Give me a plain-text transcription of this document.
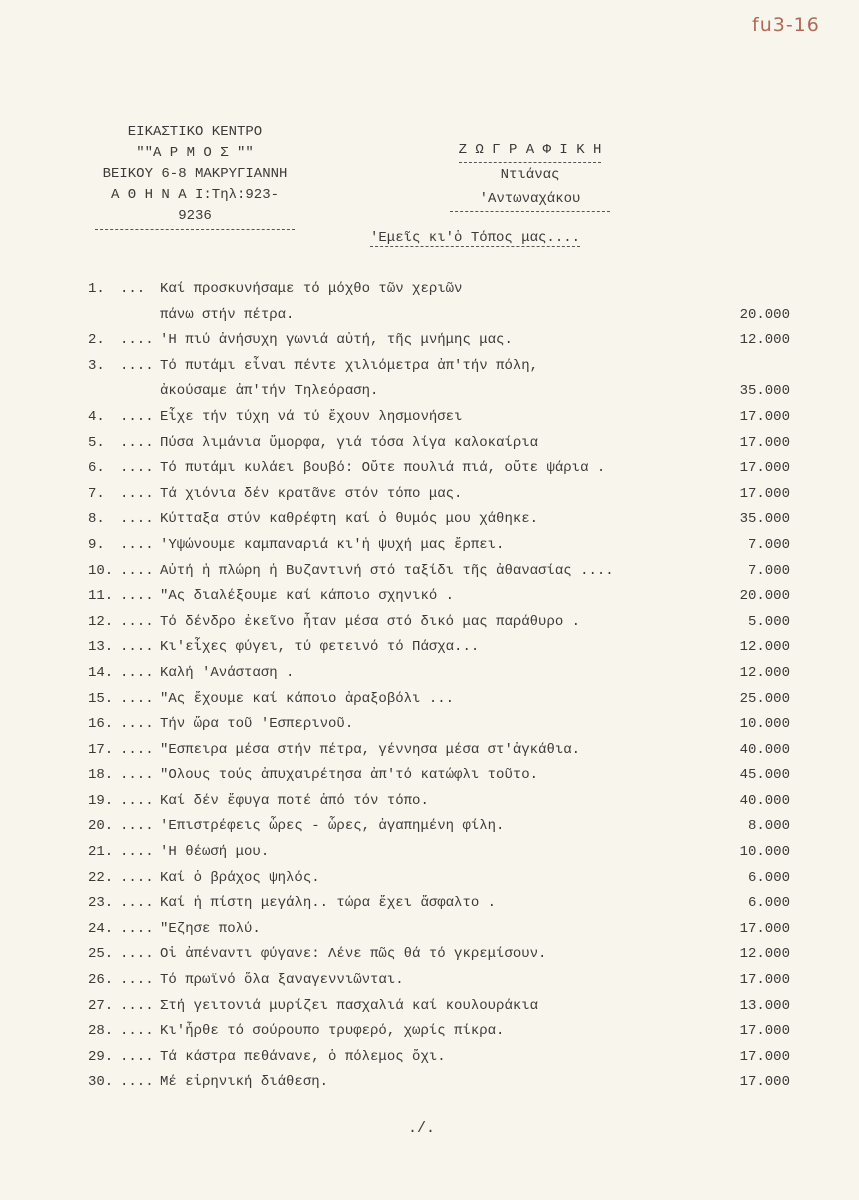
fu3-16
ΕΙΚΑΣΤΙΚΟ ΚΕΝΤΡΟ
""Α Ρ Μ Ο Σ ""
ΒΕΙΚΟΥ 6-8 ΜΑΚΡΥΓΙΑΝΝΗ
Α Θ Η Ν Α Ι:Τηλ:923-9236
Ζ Ω Γ Ρ Α Φ Ι Κ Η
Ντιάνας 'Αντωναχάκου
'Εμεῖς κι'ὁ Τόπος μας....
1.	... Καί προσκυνήσαμε τό μόχθο τῶν χεριῶν
πάνω στήν πέτρα.	20.000
2.	.... 'Η πιύ ἀνήσυχη γωνιά αὐτή, τῆς μνήμης μας.	12.000
3.	.... Τό πυτάμι εἶναι πέντε χιλιόμετρα ἀπ'τήν πόλη,
ἀκούσαμε ἀπ'τήν Τηλεόραση.	35.000
4.	.... Εἶχε τήν τύχη νά τύ ἔχουν λησμονήσει	17.000
5.	.... Πύσα λιμάνια ὕμορφα, γιά τόσα λίγα καλοκαίρια	17.000
6.	.... Τό πυτάμι κυλάει βουβό: Οὔτε πουλιά πιά, οὔτε ψάρια .	17.000
7.	.... Τά χιόνια δέν κρατᾶνε στόν τόπο μας.	17.000
8.	.... Κύτταξα στύν καθρέφτη καί ὁ θυμός μου χάθηκε.	35.000
9.	.... 'Υψώνουμε καμπαναριά κι'ἡ ψυχή μας ἔρπει.	7.000
10. .... Αὐτή ἡ πλώρη ἡ Βυζαντινή στό ταξίδι τῆς ἀθανασίας ....	7.000
11. .... "Ας διαλέξουμε καί κάποιο σχηνικό .	20.000
12. .... Τό δένδρο ἐκεῖνο ἦταν μέσα στό δικό μας παράθυρο .	5.000
13. .... Κι'εἶχες φύγει, τύ φετεινό τό Πάσχα...	12.000
14. .... Καλή 'Ανάσταση .	12.000
15. .... "Ας ἔχουμε καί κάποιο ἀραξοβόλι ...	25.000
16. .... Τήν ὥρα τοῦ 'Εσπερινοῦ.	10.000
17. .... "Εσπειρα μέσα στήν πέτρα, γέννησα μέσα στ'ἀγκάθια.	40.000
18. .... "Ολους τούς ἀπυχαιρέτησα ἀπ'τό κατώφλι τοῦτο.	45.000
19. .... Καί δέν ἔφυγα ποτέ ἀπό τόν τόπο.	40.000
20. .... 'Επιστρέφεις ὧρες - ὧρες, ἀγαπημένη φίλη.	8.000
21. .... 'Η θέωσή μου.	10.000
22. .... Καί ὁ βράχος ψηλός.	6.000
23. .... Καί ἡ πίστη μεγάλη.. τώρα ἔχει ἄσφαλτο .	6.000
24. .... "Εζησε πολύ.	17.000
25. .... Οἱ ἀπέναντι φύγανε: Λένε πῶς θά τό γκρεμίσουν.	12.000
26. .... Τό πρωϊνό ὅλα ξαναγεννιῶνται.	17.000
27. .... Στή γειτονιά μυρίζει πασχαλιά καί κουλουράκια	13.000
28. .... Κι'ἦρθε τό σούρουπο τρυφερό, χωρίς πίκρα.	17.000
29. .... Τά κάστρα πεθάνανε, ὁ πόλεμος ὄχι.	17.000
30. .... Μέ εἰρηνική διάθεση.	17.000
./.
